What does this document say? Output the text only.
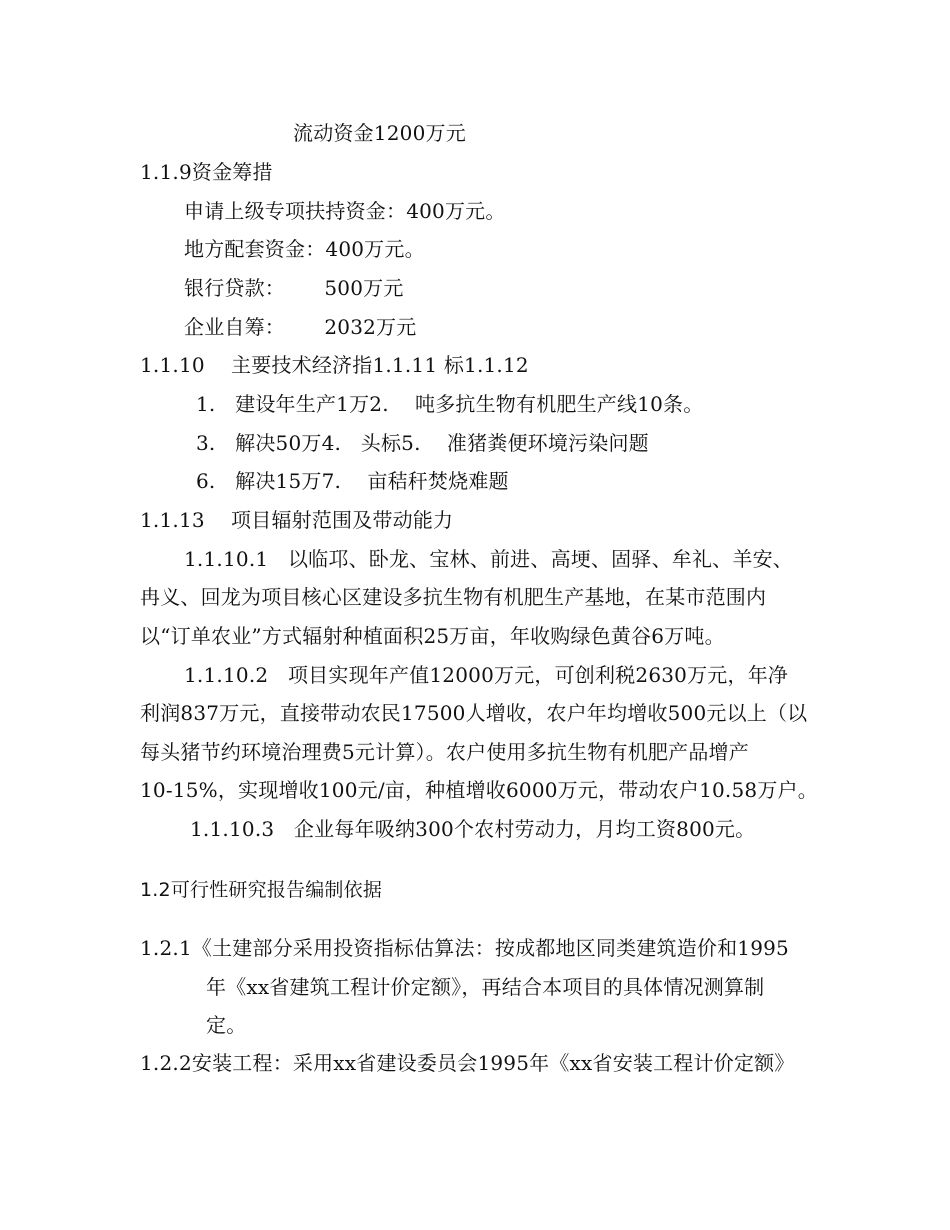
流动资金1200万元
1.1.9资金筹措
申请上级专项扶持资金：400万元。
地方配套资金：400万元。
银行贷款：      500万元
企业自筹：      2032万元
1.1.10    主要技术经济指1.1.11 标1.1.12
1.   建设年生产1万2.    吨多抗生物有机肥生产线10条。
3.   解决50万4.   头标5.    准猪粪便环境污染问题
6.   解决15万7.    亩秸秆焚烧难题
1.1.13    项目辐射范围及带动能力
1.1.10.1   以临邛、卧龙、宝林、前进、高埂、固驿、牟礼、羊安、
冉义、回龙为项目核心区建设多抗生物有机肥生产基地，在某市范围内
以“订单农业”方式辐射种植面积25万亩，年收购绿色黄谷6万吨。
1.1.10.2   项目实现年产值12000万元，可创利税2630万元，年净
利润837万元，直接带动农民17500人增收，农户年均增收500元以上（以
每头猪节约环境治理费5元计算）。农户使用多抗生物有机肥产品增产
10-15%，实现增收100元/亩，种植增收6000万元，带动农户10.58万户。
1.1.10.3   企业每年吸纳300个农村劳动力，月均工资800元。
1.2可行性研究报告编制依据
1.2.1《土建部分采用投资指标估算法：按成都地区同类建筑造价和1995
年《xx省建筑工程计价定额》，再结合本项目的具体情况测算制
定。
1.2.2安装工程：采用xx省建设委员会1995年《xx省安装工程计价定额》
